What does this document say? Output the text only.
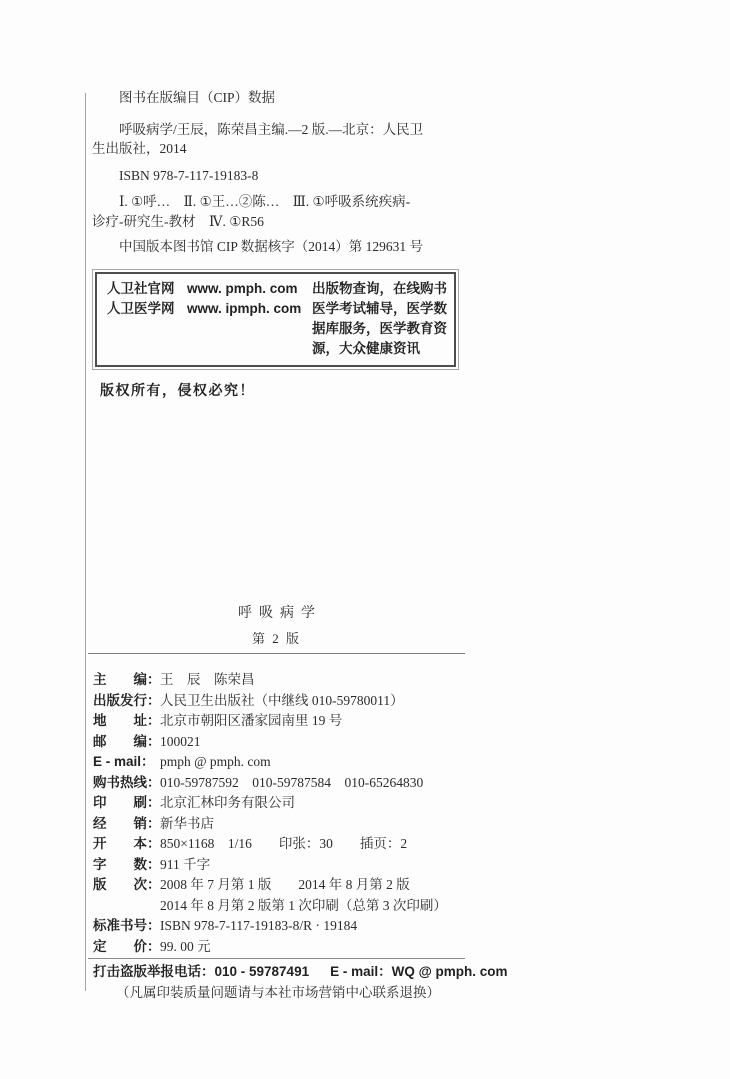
图书在版编目（CIP）数据
呼吸病学/王辰，陈荣昌主编.—2 版.—北京：人民卫
生出版社，2014
ISBN 978-7-117-19183-8
Ⅰ. ①呼…　Ⅱ. ①王…②陈…　Ⅲ. ①呼吸系统疾病-
诊疗-研究生-教材　Ⅳ. ①R56
中国版本图书馆 CIP 数据核字（2014）第 129631 号
人卫社官网 www. pmph. com
人卫医学网 www. ipmph. com
出版物查询，在线购书
医学考试辅导，医学数
据库服务，医学教育资
源，大众健康资讯
版权所有，侵权必究！
呼吸病学
第 2 版
主　　编： 王　辰　陈荣昌
出版发行： 人民卫生出版社（中继线 010-59780011）
地　　址： 北京市朝阳区潘家园南里 19 号
邮　　编： 100021
E - mail： pmph @ pmph. com
购书热线： 010-59787592　010-59787584　010-65264830
印　　刷： 北京汇林印务有限公司
经　　销： 新华书店
开　　本： 850×1168　1/16　　印张：30　　插页：2
字　　数： 911 千字
版　　次： 2008 年 7 月第 1 版　　2014 年 8 月第 2 版
2014 年 8 月第 2 版第 1 次印刷（总第 3 次印刷）
标准书号： ISBN 978-7-117-19183-8/R · 19184
定　　价： 99. 00 元
打击盗版举报电话：010 - 59787491　  E - mail：WQ @ pmph. com
（凡属印装质量问题请与本社市场营销中心联系退换）
